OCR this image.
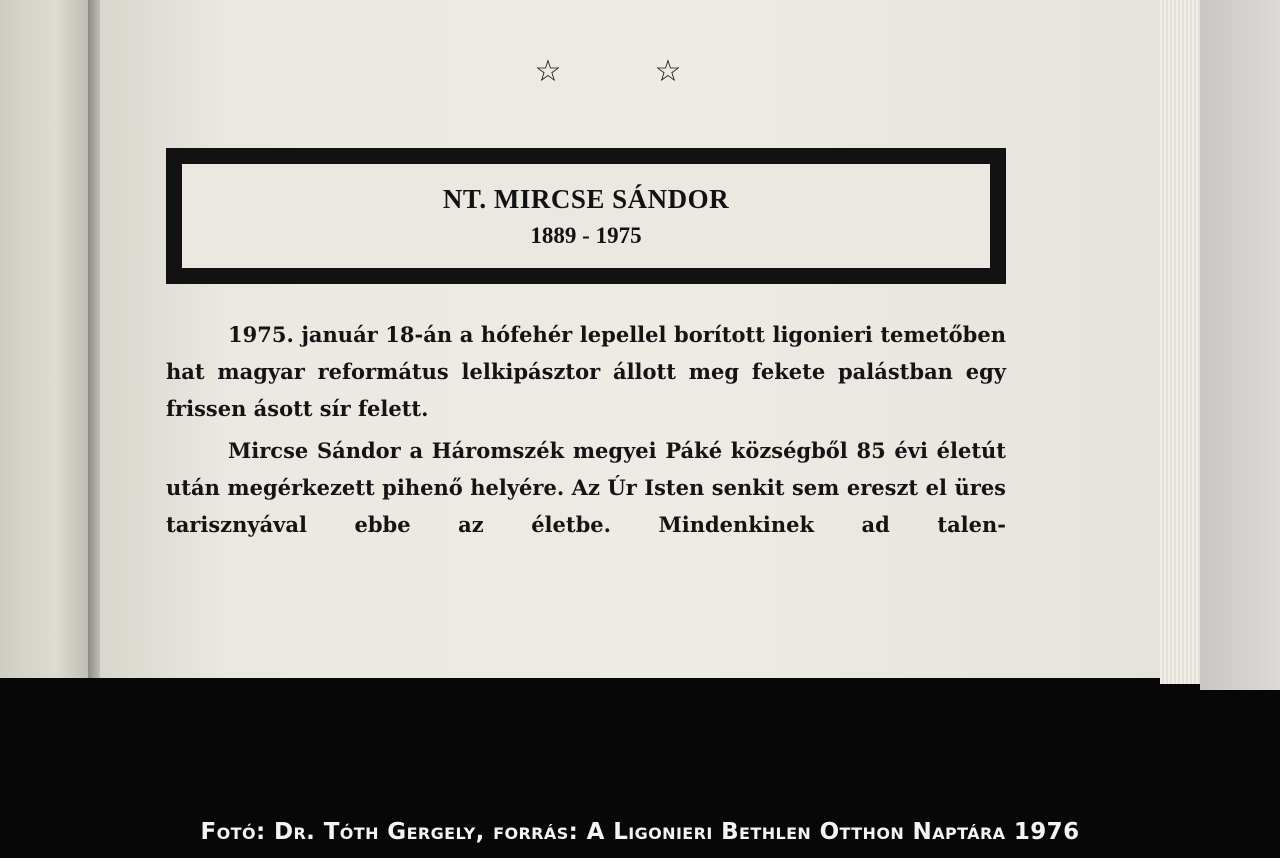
☆	☆
NT. MIRCSE SÁNDOR
1889 - 1975

1975. január 18-án a hófehér lepellel borított ligonieri temetőben hat magyar református lelkipásztor állott meg fekete palástban egy frissen ásott sír felett.

Mircse Sándor a Háromszék megyei Páké községből 85 évi életút után megérkezett pihenő helyére. Az Úr Isten senkit sem ereszt el üres tarisznyával ebbe az életbe. Mindenkinek ad talen-

Fotó: Dr. Tóth Gergely, forrás: A Ligonieri Bethlen Otthon Naptára 1976
